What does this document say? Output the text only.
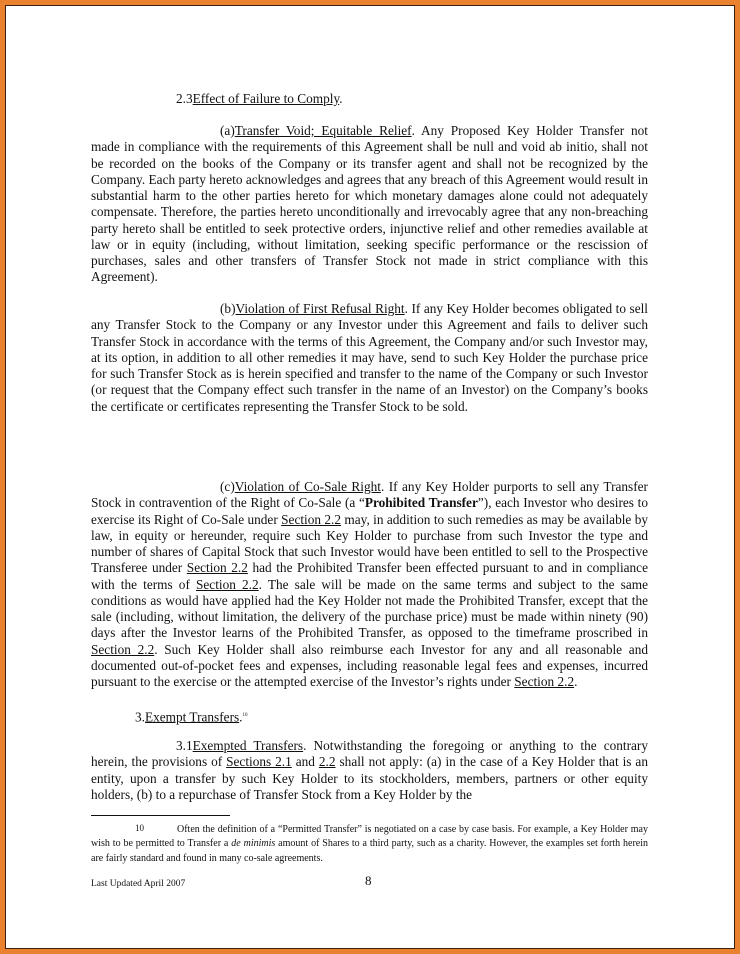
2.3Effect of Failure to Comply.

(a)Transfer Void; Equitable Relief. Any Proposed Key Holder Transfer not made in compliance with the requirements of this Agreement shall be null and void ab initio, shall not be recorded on the books of the Company or its transfer agent and shall not be recognized by the Company. Each party hereto acknowledges and agrees that any breach of this Agreement would result in substantial harm to the other parties hereto for which monetary damages alone could not adequately compensate. Therefore, the parties hereto unconditionally and irrevocably agree that any non-breaching party hereto shall be entitled to seek protective orders, injunctive relief and other remedies available at law or in equity (including, without limitation, seeking specific performance or the rescission of purchases, sales and other transfers of Transfer Stock not made in strict compliance with this Agreement).

(b)Violation of First Refusal Right. If any Key Holder becomes obligated to sell any Transfer Stock to the Company or any Investor under this Agreement and fails to deliver such Transfer Stock in accordance with the terms of this Agreement, the Company and/or such Investor may, at its option, in addition to all other remedies it may have, send to such Key Holder the purchase price for such Transfer Stock as is herein specified and transfer to the name of the Company or such Investor (or request that the Company effect such transfer in the name of an Investor) on the Company’s books the certificate or certificates representing the Transfer Stock to be sold.

(c)Violation of Co-Sale Right. If any Key Holder purports to sell any Transfer Stock in contravention of the Right of Co-Sale (a “Prohibited Transfer”), each Investor who desires to exercise its Right of Co-Sale under Section 2.2 may, in addition to such remedies as may be available by law, in equity or hereunder, require such Key Holder to purchase from such Investor the type and number of shares of Capital Stock that such Investor would have been entitled to sell to the Prospective Transferee under Section 2.2 had the Prohibited Transfer been effected pursuant to and in compliance with the terms of Section 2.2. The sale will be made on the same terms and subject to the same conditions as would have applied had the Key Holder not made the Prohibited Transfer, except that the sale (including, without limitation, the delivery of the purchase price) must be made within ninety (90) days after the Investor learns of the Prohibited Transfer, as opposed to the timeframe proscribed in Section 2.2. Such Key Holder shall also reimburse each Investor for any and all reasonable and documented out-of-pocket fees and expenses, including reasonable legal fees and expenses, incurred pursuant to the exercise or the attempted exercise of the Investor’s rights under Section 2.2.

3.Exempt Transfers.$^{10}$

3.1Exempted Transfers. Notwithstanding the foregoing or anything to the contrary herein, the provisions of Sections 2.1 and 2.2 shall not apply: (a) in the case of a Key Holder that is an entity, upon a transfer by such Key Holder to its stockholders, members, partners or other equity holders, (b) to a repurchase of Transfer Stock from a Key Holder by the

10	Often the definition of a “Permitted Transfer” is negotiated on a case by case basis. For example, a Key Holder may wish to be permitted to Transfer a de minimis amount of Shares to a third party, such as a charity. However, the examples set forth herein are fairly standard and found in many co-sale agreements.
Last Updated April 2007	8
